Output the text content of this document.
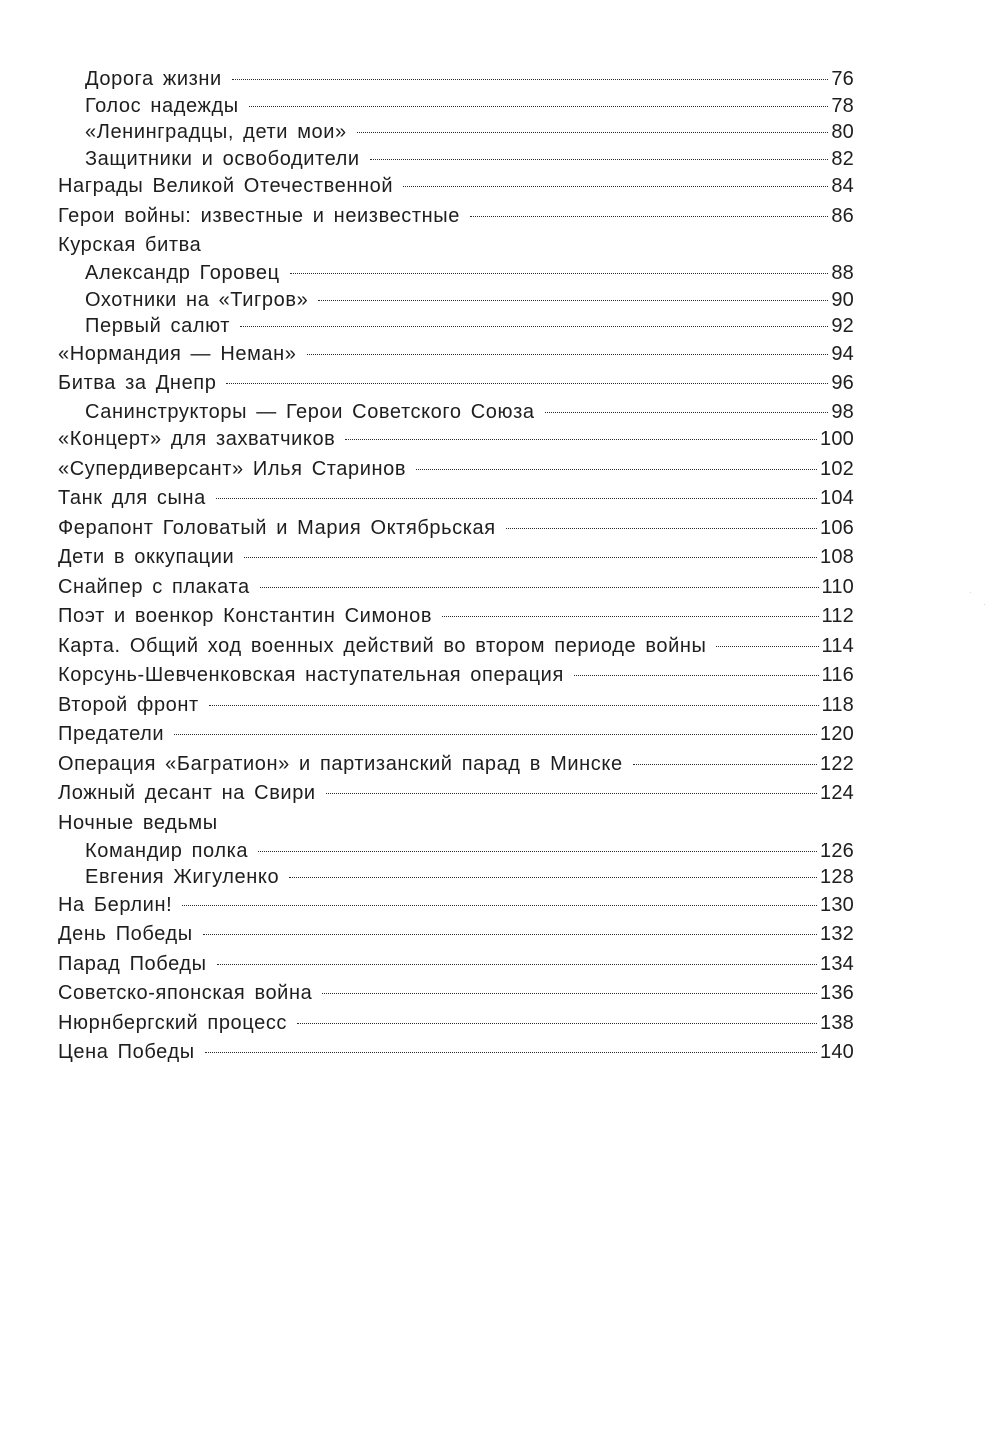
Дорога жизни	76
Голос надежды	78
«Ленинградцы, дети мои»	80
Защитники и освободители	82
Награды Великой Отечественной	84
Герои войны: известные и неизвестные	86
Курская битва
Александр Горовец	88
Охотники на «Тигров»	90
Первый салют	92
«Нормандия — Неман»	94
Битва за Днепр	96
Санинструкторы — Герои Советского Союза	98
«Концерт» для захватчиков	100
«Супердиверсант» Илья Старинов	102
Танк для сына	104
Ферапонт Головатый и Мария Октябрьская	106
Дети в оккупации	108
Снайпер с плаката	110
Поэт и военкор Константин Симонов	112
Карта. Общий ход военных действий во втором периоде войны	114
Корсунь-Шевченковская наступательная операция	116
Второй фронт	118
Предатели	120
Операция «Багратион» и партизанский парад в Минске	122
Ложный десант на Свири	124
Ночные ведьмы
Командир полка	126
Евгения Жигуленко	128
На Берлин!	130
День Победы	132
Парад Победы	134
Советско-японская война	136
Нюрнбергский процесс	138
Цена Победы	140
